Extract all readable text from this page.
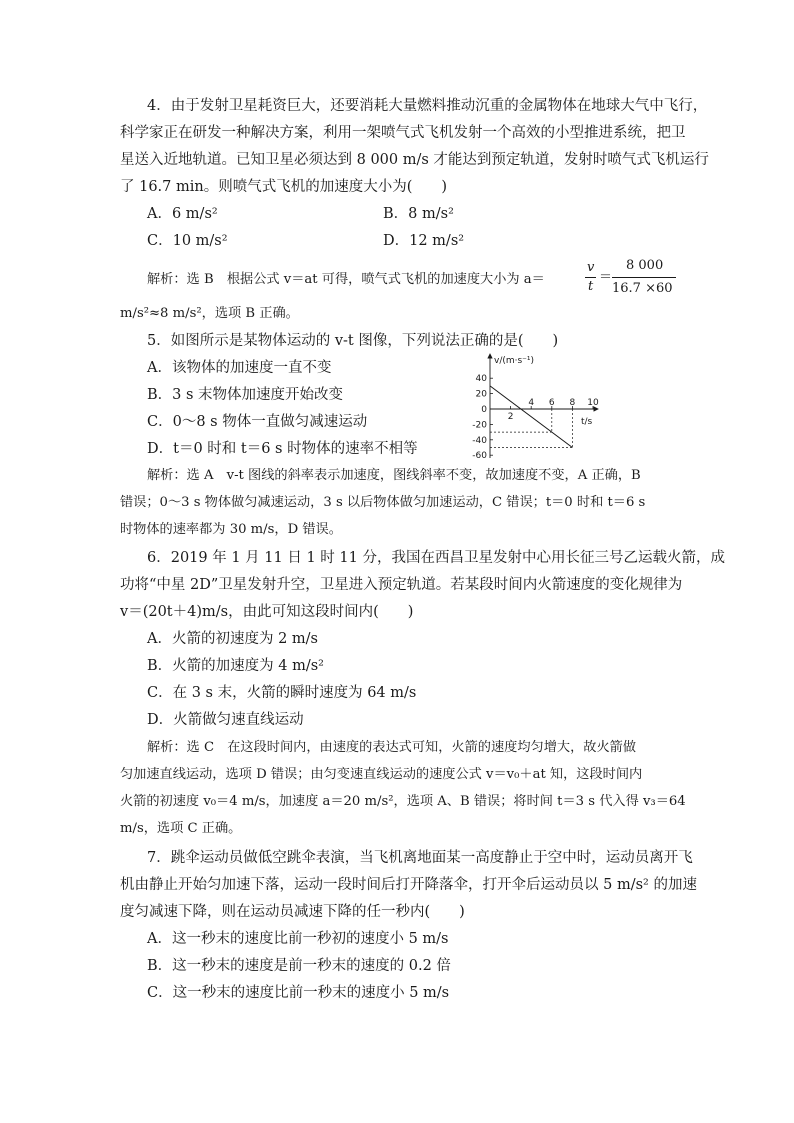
4．由于发射卫星耗资巨大，还要消耗大量燃料推动沉重的金属物体在地球大气中飞行，
科学家正在研发一种解决方案，利用一架喷气式飞机发射一个高效的小型推进系统，把卫
星送入近地轨道。已知卫星必须达到 8 000 m/s 才能达到预定轨道，发射时喷气式飞机运行
了 16.7 min。则喷气式飞机的加速度大小为(　　)
A．6 m/s²	B．8 m/s²
C．10 m/s²	D．12 m/s²
解析：选 B　根据公式 v＝at 可得，喷气式飞机的加速度大小为 a＝
v
t
＝
8 000
16.7 ×60
m/s²≈8 m/s²，选项 B 正确。
5．如图所示是某物体运动的 v-t 图像，下列说法正确的是(　　)
A．该物体的加速度一直不变
B．3 s 末物体加速度开始改变
C．0～8 s 物体一直做匀减速运动
D．t＝0 时和 t＝6 s 时物体的速率不相等
v/(m·s⁻¹)
t/s
40
20
0
-20
-40
-60
2
4 6 8 10
解析：选 A　v-t 图线的斜率表示加速度，图线斜率不变，故加速度不变，A 正确，B
错误；0～3 s 物体做匀减速运动，3 s 以后物体做匀加速运动，C 错误；t＝0 时和 t＝6 s
时物体的速率都为 30 m/s，D 错误。
6．2019 年 1 月 11 日 1 时 11 分，我国在西昌卫星发射中心用长征三号乙运载火箭，成
功将“中星 2D”卫星发射升空，卫星进入预定轨道。若某段时间内火箭速度的变化规律为
v＝(20t＋4)m/s，由此可知这段时间内(　　)
A．火箭的初速度为 2 m/s
B．火箭的加速度为 4 m/s²
C．在 3 s 末，火箭的瞬时速度为 64 m/s
D．火箭做匀速直线运动
解析：选 C　在这段时间内，由速度的表达式可知，火箭的速度均匀增大，故火箭做
匀加速直线运动，选项 D 错误；由匀变速直线运动的速度公式 v＝v₀＋at 知，这段时间内
火箭的初速度 v₀＝4 m/s，加速度 a＝20 m/s²，选项 A、B 错误；将时间 t＝3 s 代入得 v₃＝64
m/s，选项 C 正确。
7．跳伞运动员做低空跳伞表演，当飞机离地面某一高度静止于空中时，运动员离开飞
机由静止开始匀加速下落，运动一段时间后打开降落伞，打开伞后运动员以 5 m/s² 的加速
度匀减速下降，则在运动员减速下降的任一秒内(　　)
A．这一秒末的速度比前一秒初的速度小 5 m/s
B．这一秒末的速度是前一秒末的速度的 0.2 倍
C．这一秒末的速度比前一秒末的速度小 5 m/s
